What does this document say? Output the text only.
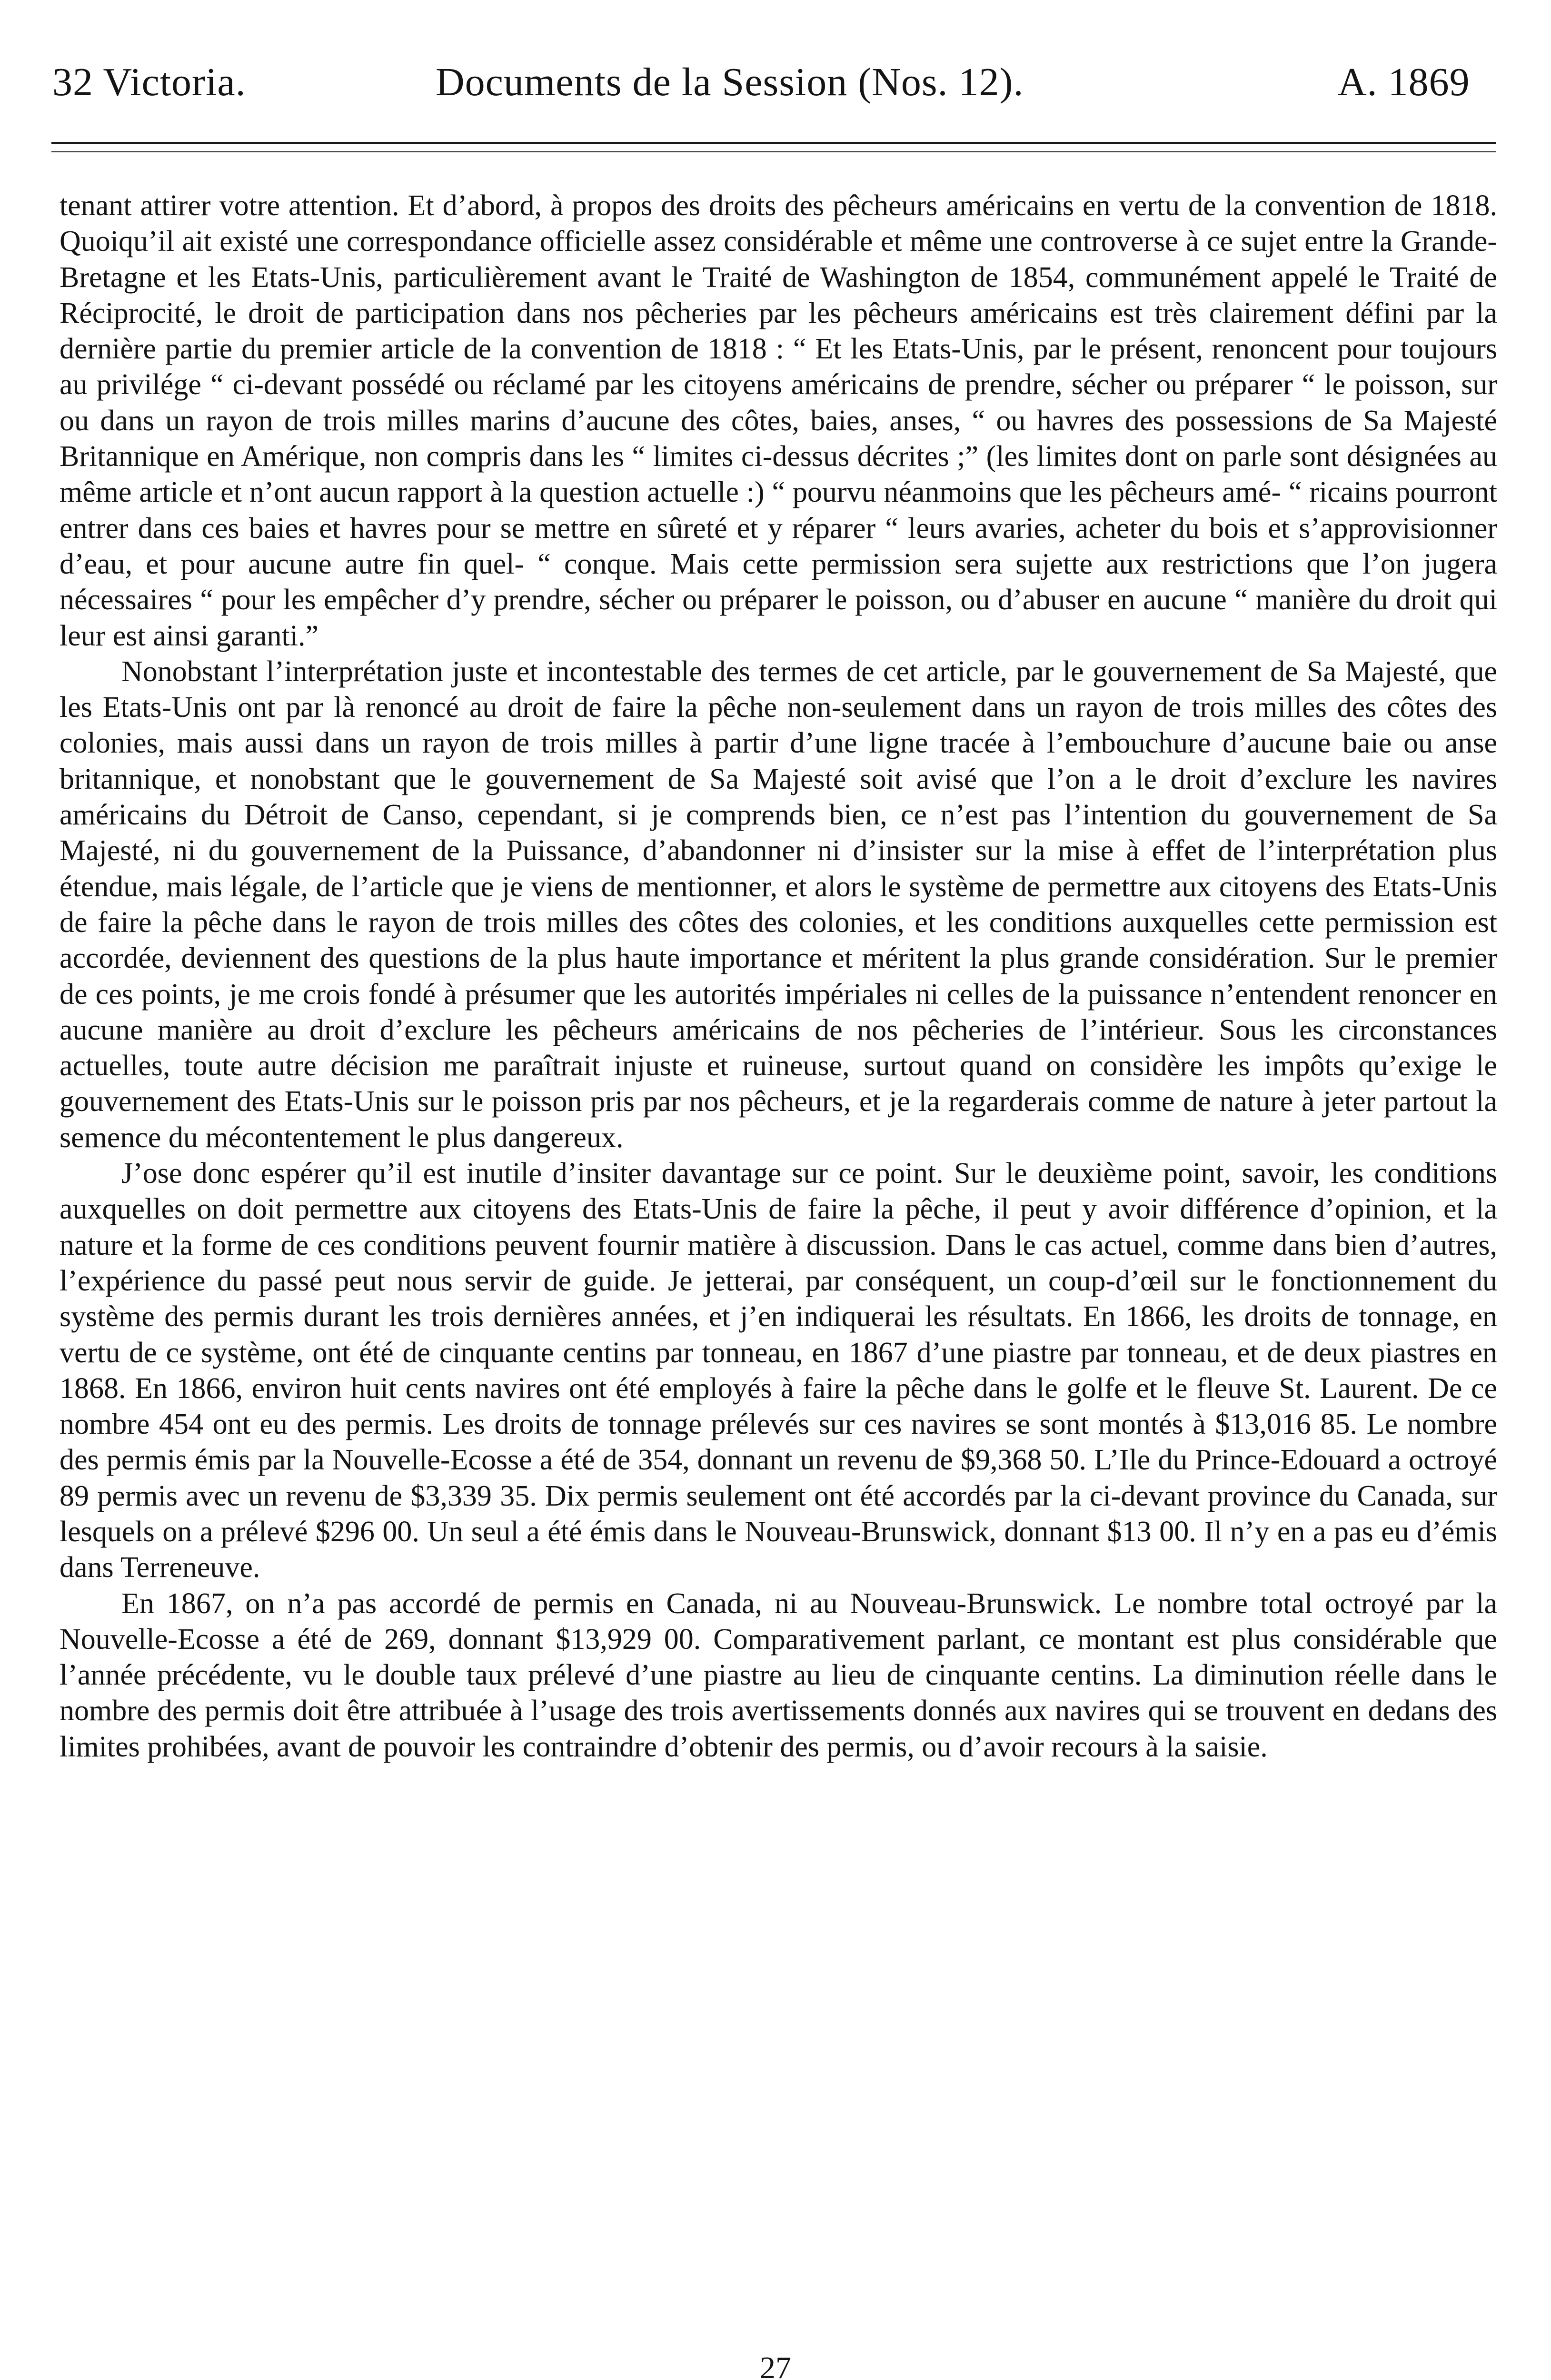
32 Victoria.	Documents de la Session (Nos. 12).	A. 1869

tenant attirer votre attention. Et d’abord, à propos des droits des pêcheurs américains en vertu de la convention de 1818. Quoiqu’il ait existé une correspondance officielle assez considérable et même une controverse à ce sujet entre la Grande-Bretagne et les Etats-Unis, particulièrement avant le Traité de Washington de 1854, communément appelé le Traité de Réciprocité, le droit de participation dans nos pêcheries par les pêcheurs américains est très clairement défini par la dernière partie du premier article de la convention de 1818 : “ Et les Etats-Unis, par le présent, renoncent pour toujours au privilége “ ci-devant possédé ou réclamé par les citoyens américains de prendre, sécher ou préparer “ le poisson, sur ou dans un rayon de trois milles marins d’aucune des côtes, baies, anses, “ ou havres des possessions de Sa Majesté Britannique en Amérique, non compris dans les “ limites ci-dessus décrites ;” (les limites dont on parle sont désignées au même article et n’ont aucun rapport à la question actuelle :) “ pourvu néanmoins que les pêcheurs amé- “ ricains pourront entrer dans ces baies et havres pour se mettre en sûreté et y réparer “ leurs avaries, acheter du bois et s’approvisionner d’eau, et pour aucune autre fin quel- “ conque. Mais cette permission sera sujette aux restrictions que l’on jugera nécessaires “ pour les empêcher d’y prendre, sécher ou préparer le poisson, ou d’abuser en aucune “ manière du droit qui leur est ainsi garanti.”

Nonobstant l’interprétation juste et incontestable des termes de cet article, par le gouvernement de Sa Majesté, que les Etats-Unis ont par là renoncé au droit de faire la pêche non-seulement dans un rayon de trois milles des côtes des colonies, mais aussi dans un rayon de trois milles à partir d’une ligne tracée à l’embouchure d’aucune baie ou anse britannique, et nonobstant que le gouvernement de Sa Majesté soit avisé que l’on a le droit d’exclure les navires américains du Détroit de Canso, cependant, si je comprends bien, ce n’est pas l’intention du gouvernement de Sa Majesté, ni du gouvernement de la Puissance, d’abandonner ni d’insister sur la mise à effet de l’interprétation plus étendue, mais légale, de l’article que je viens de mentionner, et alors le système de permettre aux citoyens des Etats-Unis de faire la pêche dans le rayon de trois milles des côtes des colonies, et les conditions auxquelles cette permission est accordée, deviennent des questions de la plus haute importance et méritent la plus grande considération. Sur le premier de ces points, je me crois fondé à présumer que les autorités impériales ni celles de la puissance n’entendent renoncer en aucune manière au droit d’exclure les pêcheurs américains de nos pêcheries de l’intérieur. Sous les circonstances actuelles, toute autre décision me paraîtrait injuste et ruineuse, surtout quand on considère les impôts qu’exige le gouvernement des Etats-Unis sur le poisson pris par nos pêcheurs, et je la regarderais comme de nature à jeter partout la semence du mécontentement le plus dangereux.

J’ose donc espérer qu’il est inutile d’insiter davantage sur ce point. Sur le deuxième point, savoir, les conditions auxquelles on doit permettre aux citoyens des Etats-Unis de faire la pêche, il peut y avoir différence d’opinion, et la nature et la forme de ces conditions peuvent fournir matière à discussion. Dans le cas actuel, comme dans bien d’autres, l’expérience du passé peut nous servir de guide. Je jetterai, par conséquent, un coup-d’œil sur le fonctionnement du système des permis durant les trois dernières années, et j’en indiquerai les résultats. En 1866, les droits de tonnage, en vertu de ce système, ont été de cinquante centins par tonneau, en 1867 d’une piastre par tonneau, et de deux piastres en 1868. En 1866, environ huit cents navires ont été employés à faire la pêche dans le golfe et le fleuve St. Laurent. De ce nombre 454 ont eu des permis. Les droits de tonnage prélevés sur ces navires se sont montés à $13,016 85. Le nombre des permis émis par la Nouvelle-Ecosse a été de 354, donnant un revenu de $9,368 50. L’Ile du Prince-Edouard a octroyé 89 permis avec un revenu de $3,339 35. Dix permis seulement ont été accordés par la ci-devant province du Canada, sur lesquels on a prélevé $296 00. Un seul a été émis dans le Nouveau-Brunswick, donnant $13 00. Il n’y en a pas eu d’émis dans Terreneuve.

En 1867, on n’a pas accordé de permis en Canada, ni au Nouveau-Brunswick. Le nombre total octroyé par la Nouvelle-Ecosse a été de 269, donnant $13,929 00. Comparativement parlant, ce montant est plus considérable que l’année précédente, vu le double taux prélevé d’une piastre au lieu de cinquante centins. La diminution réelle dans le nombre des permis doit être attribuée à l’usage des trois avertissements donnés aux navires qui se trouvent en dedans des limites prohibées, avant de pouvoir les contraindre d’obtenir des permis, ou d’avoir recours à la saisie.

27
